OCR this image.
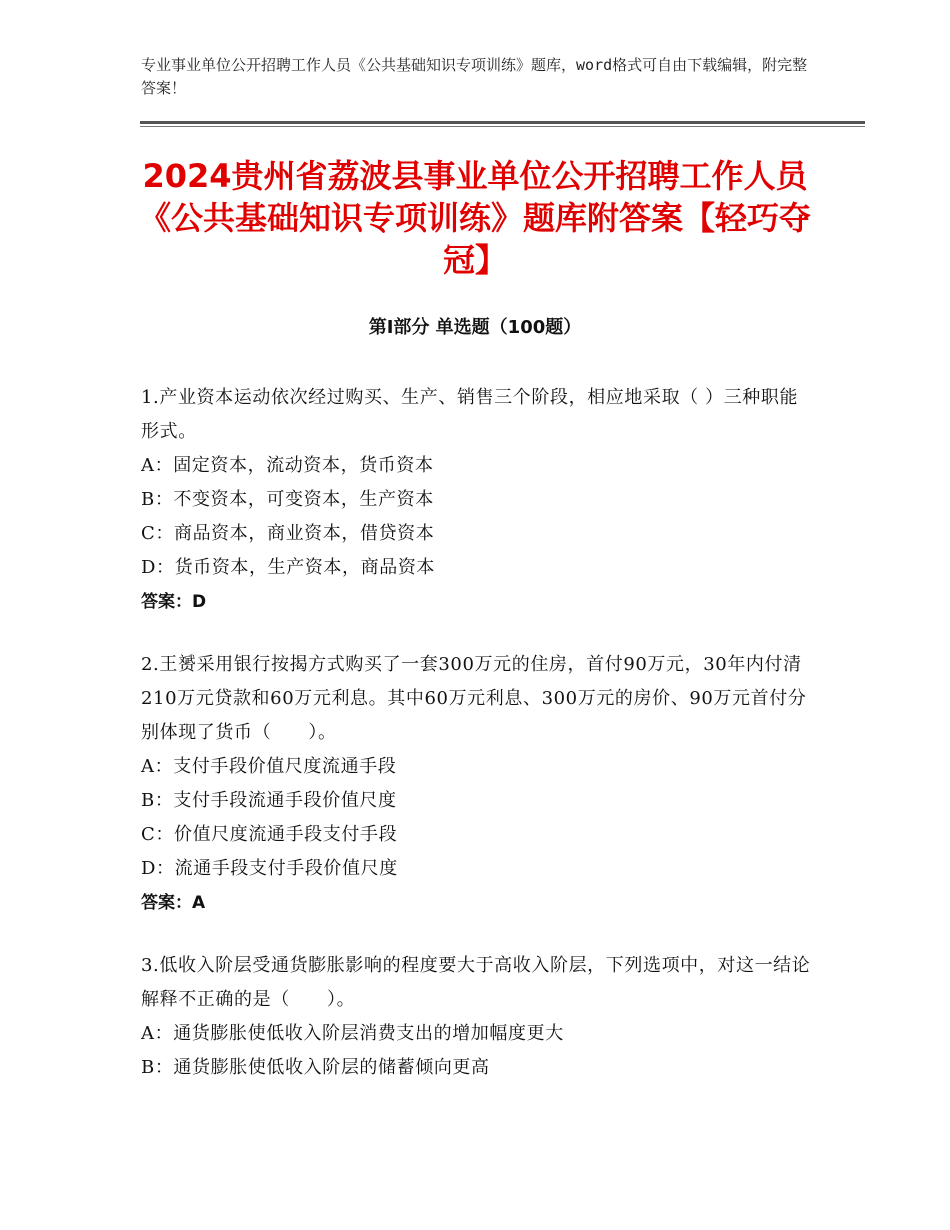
专业事业单位公开招聘工作人员《公共基础知识专项训练》题库，word格式可自由下载编辑，附完整答案！
2024贵州省荔波县事业单位公开招聘工作人员《公共基础知识专项训练》题库附答案【轻巧夺冠】
第Ⅰ部分 单选题（100题）

1.产业资本运动依次经过购买、生产、销售三个阶段，相应地采取（ ）三种职能形式。

A：固定资本，流动资本，货币资本

B：不变资本，可变资本，生产资本

C：商品资本，商业资本，借贷资本

D：货币资本，生产资本，商品资本

答案：D

2.王赟采用银行按揭方式购买了一套300万元的住房，首付90万元，30年内付清210万元贷款和60万元利息。其中60万元利息、300万元的房价、90万元首付分别体现了货币（　　）。

A：支付手段价值尺度流通手段

B：支付手段流通手段价值尺度

C：价值尺度流通手段支付手段

D：流通手段支付手段价值尺度

答案：A

3.低收入阶层受通货膨胀影响的程度要大于高收入阶层，下列选项中，对这一结论解释不正确的是（　　）。

A：通货膨胀使低收入阶层消费支出的增加幅度更大

B：通货膨胀使低收入阶层的储蓄倾向更高
